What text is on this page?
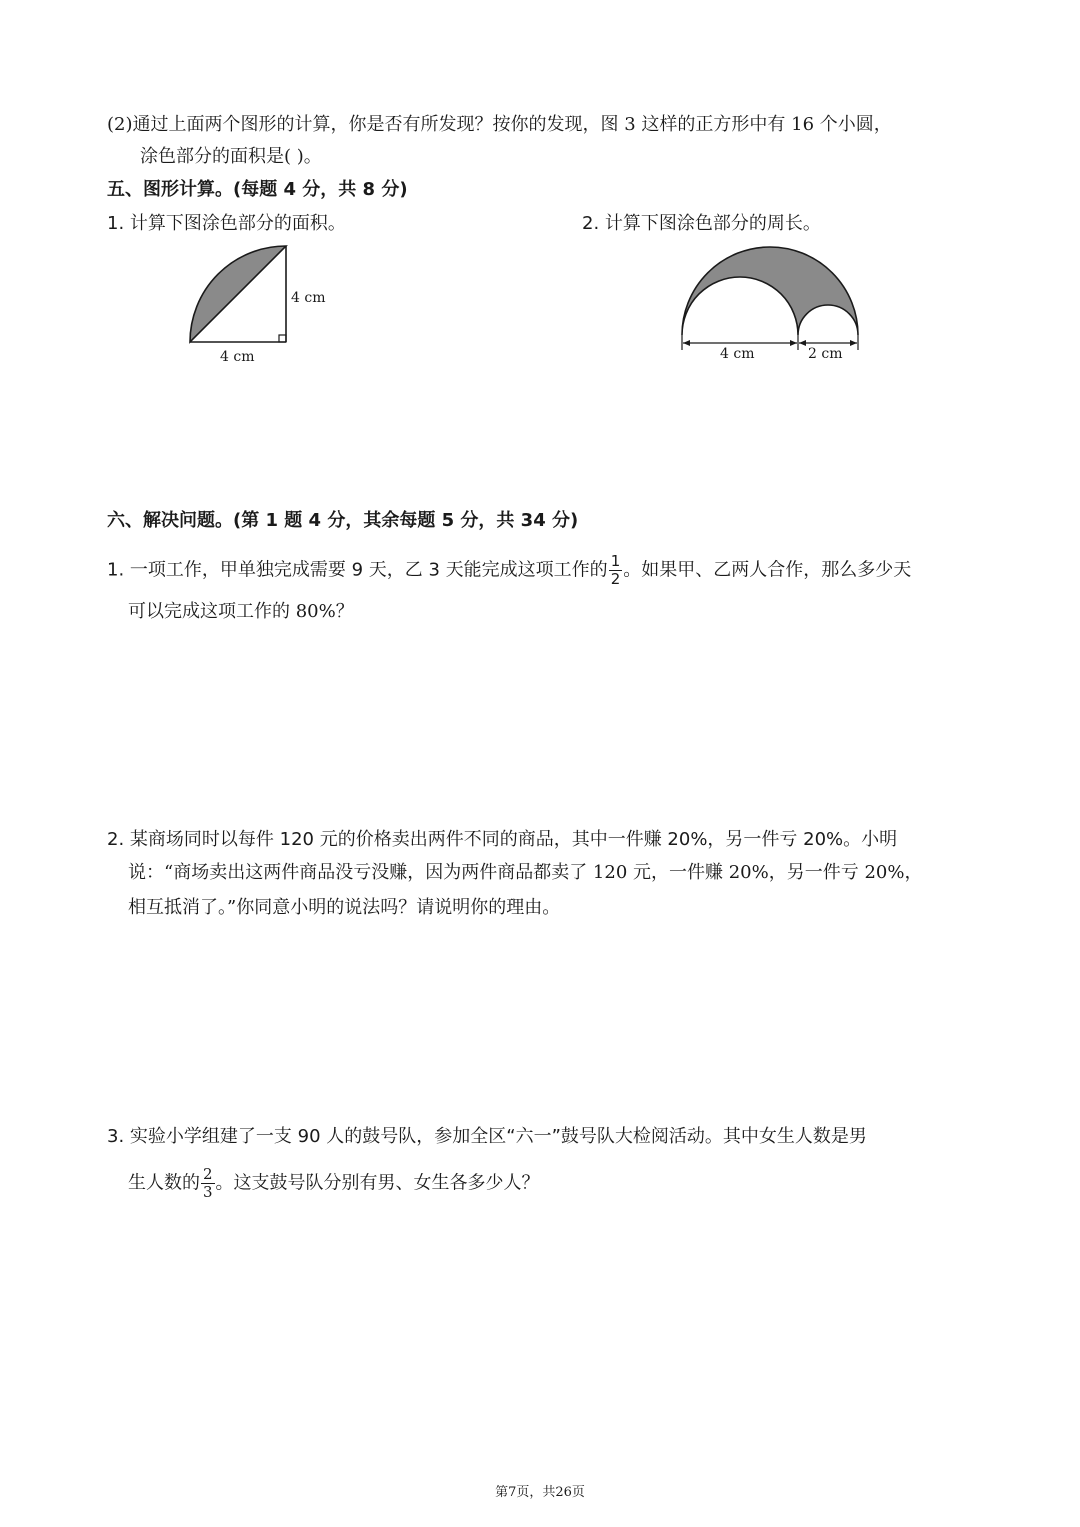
(2)通过上面两个图形的计算，你是否有所发现？按你的发现，图 3 这样的正方形中有 16 个小圆，
涂色部分的面积是( )。
五、图形计算。(每题 4 分，共 8 分)
1. 计算下图涂色部分的面积。	2. 计算下图涂色部分的周长。
4 cm
4 cm	4 cm	2 cm
六、解决问题。(第 1 题 4 分，其余每题 5 分，共 34 分)
1. 一项工作，甲单独完成需要 9 天，乙 3 天能完成这项工作的 $\frac{1}{2}$ 。如果甲、乙两人合作，那么多少天
可以完成这项工作的 80%？
2. 某商场同时以每件 120 元的价格卖出两件不同的商品，其中一件赚 20%，另一件亏 20%。小明
说：“商场卖出这两件商品没亏没赚，因为两件商品都卖了 120 元，一件赚 20%，另一件亏 20%，
相互抵消了。”你同意小明的说法吗？请说明你的理由。
3. 实验小学组建了一支 90 人的鼓号队，参加全区“六一”鼓号队大检阅活动。其中女生人数是男
生人数的 $\frac{2}{3}$ 。这支鼓号队分别有男、女生各多少人？
第7页，共26页
